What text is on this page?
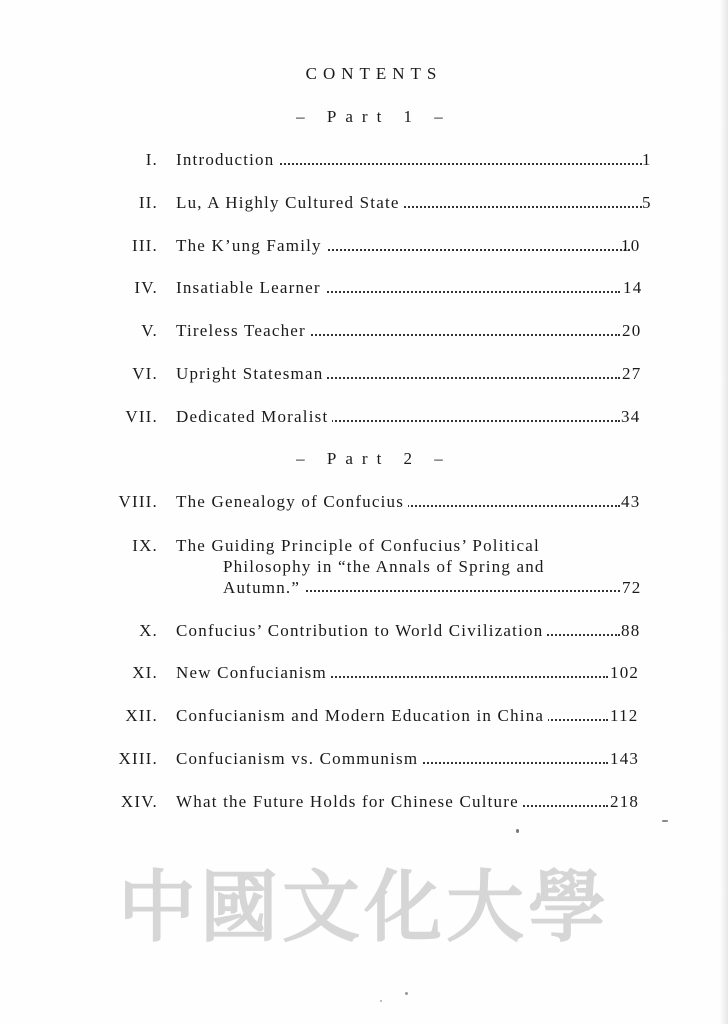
CONTENTS
– Part 1 –
I. Introduction	1
II. Lu, A Highly Cultured State	5
III. The K’ung Family	10
IV. Insatiable Learner	14
V. Tireless Teacher	20
VI. Upright Statesman	27
VII. Dedicated Moralist	34
– Part 2 –
VIII. The Genealogy of Confucius	43
IX. The Guiding Principle of Confucius’ Political
Philosophy in “the Annals of Spring and
Autumn.”	72
X. Confucius’ Contribution to World Civilization	88
XI. New Confucianism	102
XII. Confucianism and Modern Education in China	112
XIII. Confucianism vs. Communism	143
XIV. What the Future Holds for Chinese Culture	218
中國文化大學
